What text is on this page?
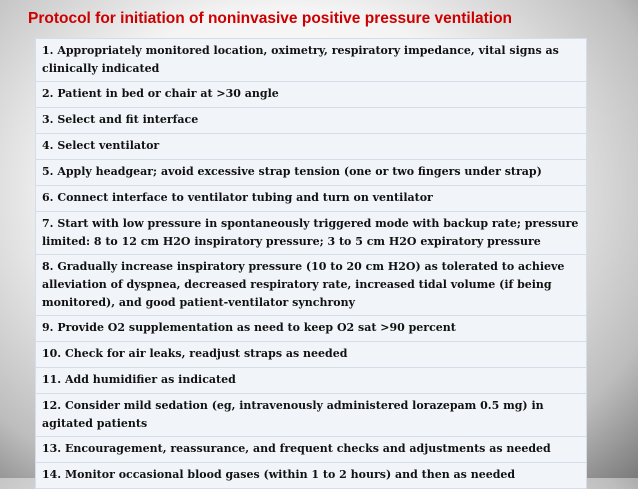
Protocol for initiation of noninvasive positive pressure ventilation
1. Appropriately monitored location, oximetry, respiratory impedance, vital signs as clinically indicated
2. Patient in bed or chair at >30 angle
3. Select and fit interface
4. Select ventilator
5. Apply headgear; avoid excessive strap tension (one or two fingers under strap)
6. Connect interface to ventilator tubing and turn on ventilator
7. Start with low pressure in spontaneously triggered mode with backup rate; pressure limited: 8 to 12 cm H2O inspiratory pressure; 3 to 5 cm H2O expiratory pressure
8. Gradually increase inspiratory pressure (10 to 20 cm H2O) as tolerated to achieve alleviation of dyspnea, decreased respiratory rate, increased tidal volume (if being monitored), and good patient-ventilator synchrony
9. Provide O2 supplementation as need to keep O2 sat >90 percent
10. Check for air leaks, readjust straps as needed
11. Add humidifier as indicated
12. Consider mild sedation (eg, intravenously administered lorazepam 0.5 mg) in agitated patients
13. Encouragement, reassurance, and frequent checks and adjustments as needed
14. Monitor occasional blood gases (within 1 to 2 hours) and then as needed
